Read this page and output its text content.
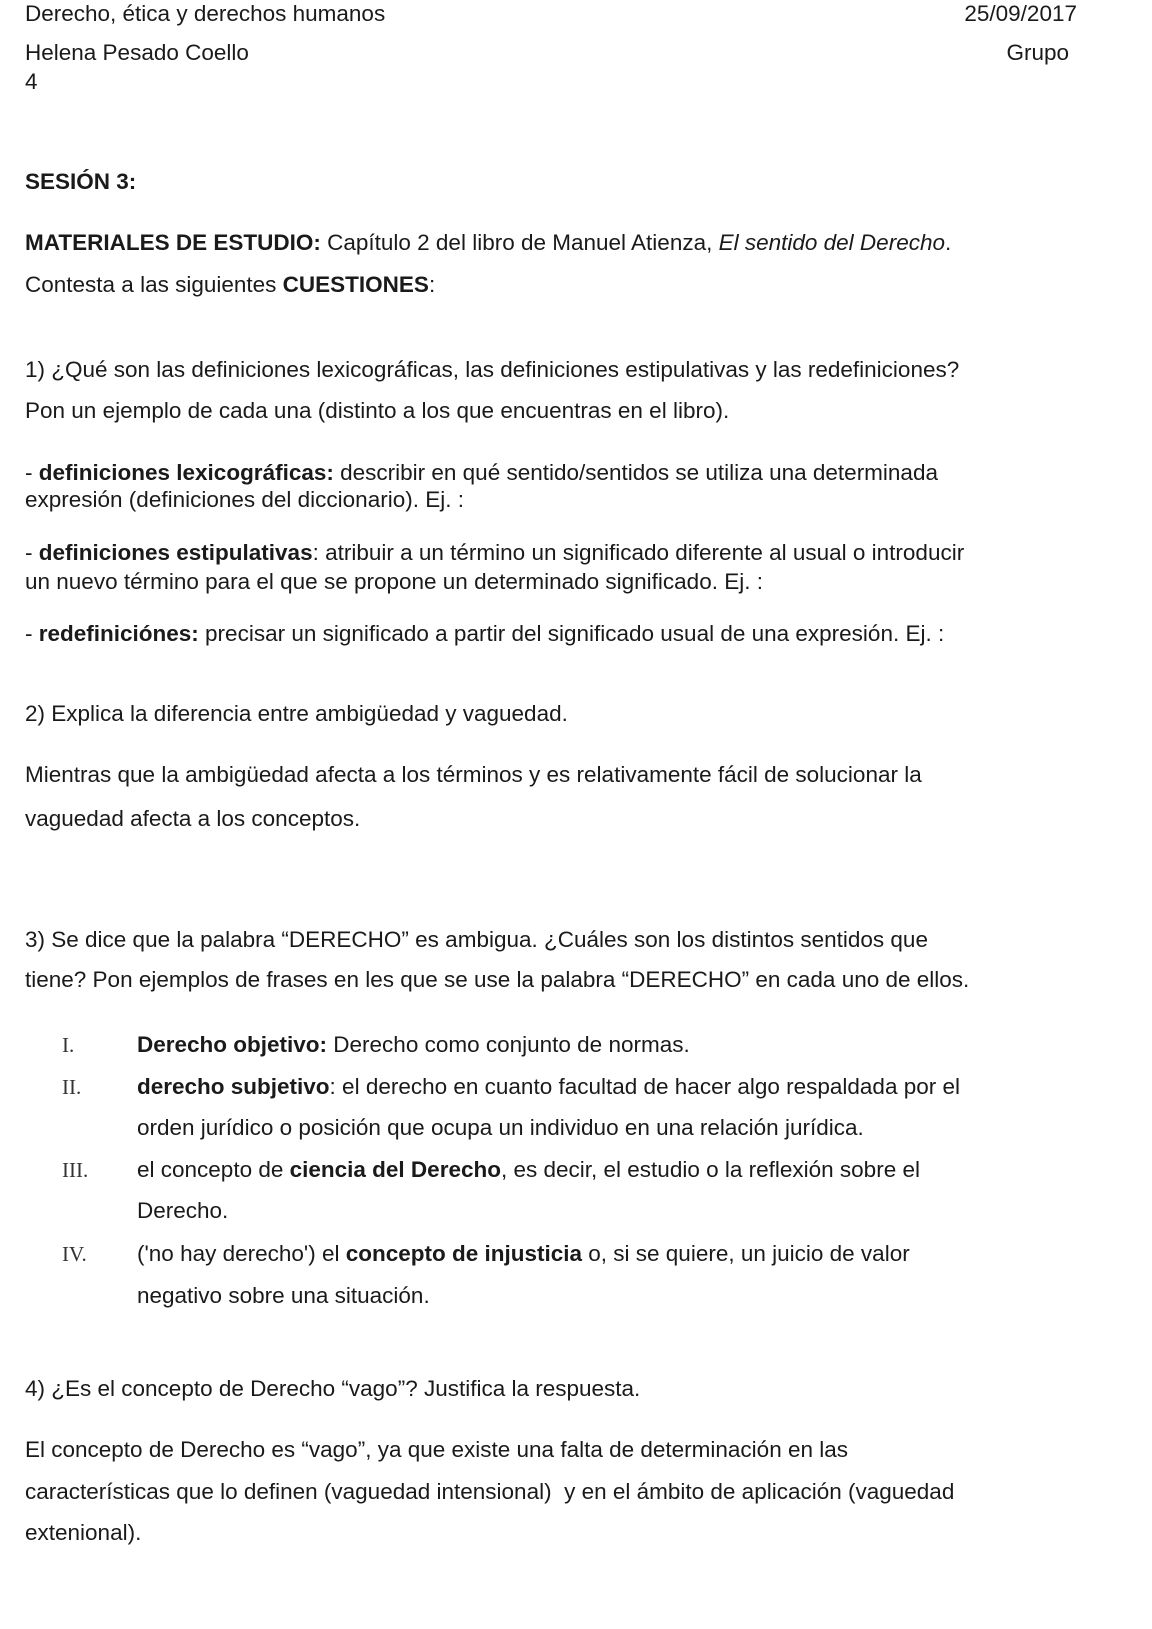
Derecho, ética y derechos humanos	25/09/2017
Helena Pesado Coello	Grupo
4
SESIÓN 3:
MATERIALES DE ESTUDIO: Capítulo 2 del libro de Manuel Atienza, El sentido del Derecho.
Contesta a las siguientes CUESTIONES:
1) ¿Qué son las definiciones lexicográficas, las definiciones estipulativas y las redefiniciones?
Pon un ejemplo de cada una (distinto a los que encuentras en el libro).
- definiciones lexicográficas: describir en qué sentido/sentidos se utiliza una determinada
expresión (definiciones del diccionario). Ej. :
- definiciones estipulativas: atribuir a un término un significado diferente al usual o introducir
un nuevo término para el que se propone un determinado significado. Ej. :
- redefiniciónes: precisar un significado a partir del significado usual de una expresión. Ej. :
2) Explica la diferencia entre ambigüedad y vaguedad.
Mientras que la ambigüedad afecta a los términos y es relativamente fácil de solucionar la
vaguedad afecta a los conceptos.
3) Se dice que la palabra “DERECHO” es ambigua. ¿Cuáles son los distintos sentidos que
tiene? Pon ejemplos de frases en les que se use la palabra “DERECHO” en cada uno de ellos.
I.	Derecho objetivo: Derecho como conjunto de normas.
II. derecho subjetivo: el derecho en cuanto facultad de hacer algo respaldada por el
orden jurídico o posición que ocupa un individuo en una relación jurídica.
III. el concepto de ciencia del Derecho, es decir, el estudio o la reflexión sobre el
Derecho.
IV. ('no hay derecho') el concepto de injusticia o, si se quiere, un juicio de valor
negativo sobre una situación.
4) ¿Es el concepto de Derecho “vago”? Justifica la respuesta.
El concepto de Derecho es “vago”, ya que existe una falta de determinación en las
características que lo definen (vaguedad intensional)  y en el ámbito de aplicación (vaguedad
extenional).
